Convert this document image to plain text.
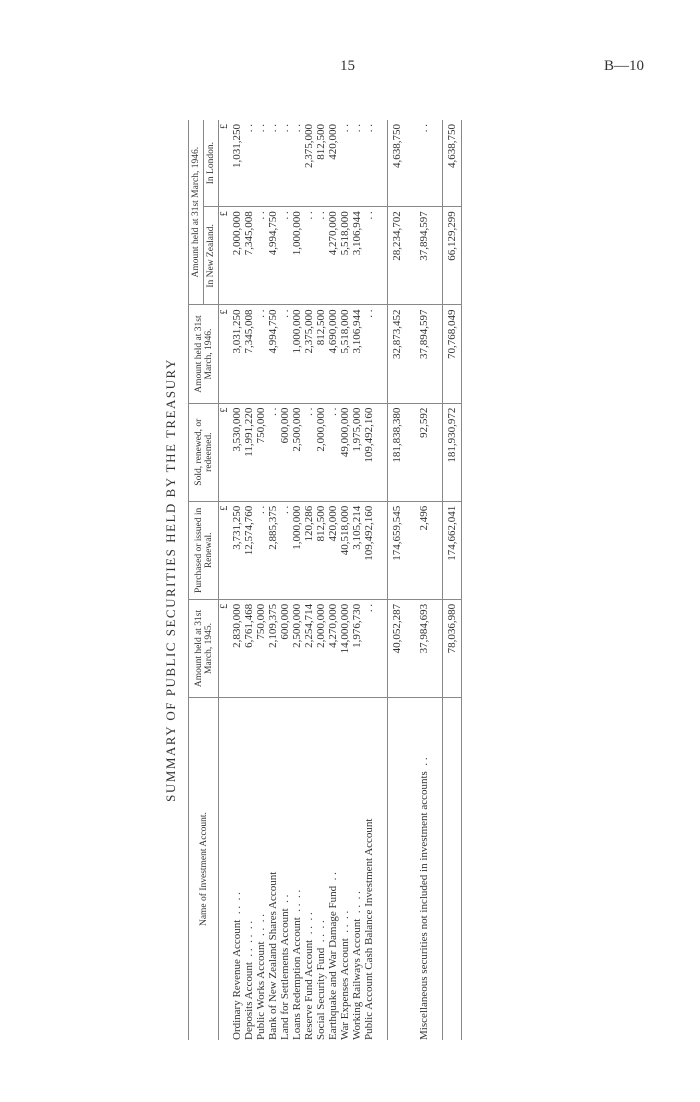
15	B—10
SUMMARY OF PUBLIC SECURITIES HELD BY THE TREASURY
Name of Investment Account.	Amount held at 31st March, 1945.	Purchased or issued in Renewal.	Sold, renewed, or redeemed.	Amount held at 31st March, 1946.	Amount held at 31st March, 1946.	
					In New Zealand.	In London.
	£	£	£	£	£	£
Ordinary Revenue Account  . .  . .	2,830,000	3,731,250	3,530,000	3,031,250	2,000,000	1,031,250
Deposits Account  . .  . .  . .	6,761,468	12,574,760	11,991,220	7,345,008	7,345,008	. .
Public Works Account  . .  . .	750,000	. .	750,000	. .	. .	. .
Bank of New Zealand Shares Account	2,109,375	2,885,375	. .	4,994,750	4,994,750	. .
Land for Settlements Account  . .	600,000	. .	600,000	. .	. .	. .
Loans Redemption Account  . .  . .	2,500,000	1,000,000	2,500,000	1,000,000	1,000,000	. .
Reserve Fund Account  . .  . .	2,254,714	120,286	. .	2,375,000	. .	2,375,000
Social Security Fund  . .  . .	2,000,000	812,500	2,000,000	812,500	. .	812,500
Earthquake and War Damage Fund  . .	4,270,000	420,000	. .	4,690,000	4,270,000	420,000
War Expenses Account  . .  . .	14,000,000	40,518,000	49,000,000	5,518,000	5,518,000	. .
Working Railways Account  . .  . .	1,976,730	3,105,214	1,975,000	3,106,944	3,106,944	. .
Public Account Cash Balance Investment Account	. .	109,492,160	109,492,160	. .	. .	. .

	40,052,287	174,659,545	181,838,380	32,873,452	28,234,702	4,638,750

Miscellaneous securities not included in investment accounts  . .	37,984,693	2,496	92,592	37,894,597	37,894,597	. .

	78,036,980	174,662,041	181,930,972	70,768,049	66,129,299	4,638,750
